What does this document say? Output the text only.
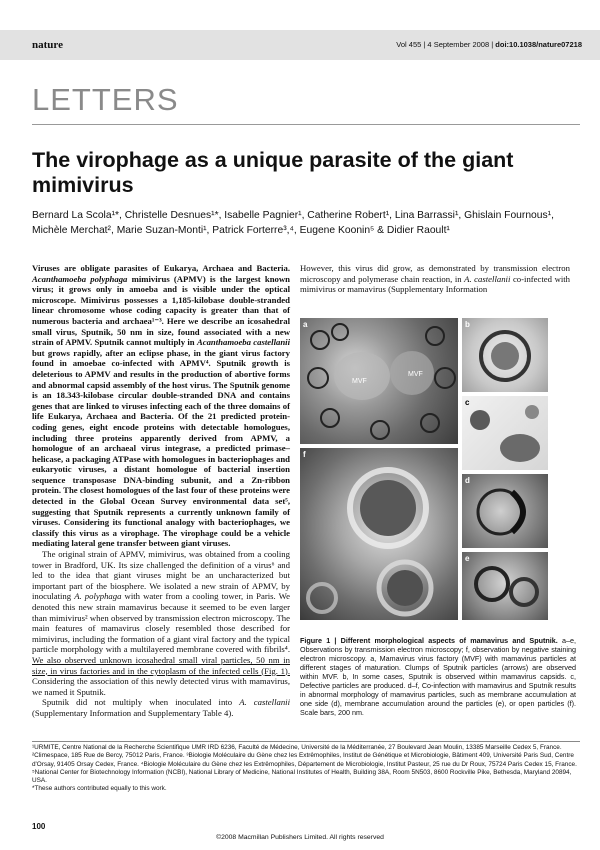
nature	Vol 455 | 4 September 2008 | doi:10.1038/nature07218
LETTERS
The virophage as a unique parasite of the giant mimivirus
Bernard La Scola¹*, Christelle Desnues¹*, Isabelle Pagnier¹, Catherine Robert¹, Lina Barrassi¹, Ghislain Fournous¹, Michèle Merchat², Marie Suzan-Monti¹, Patrick Forterre³,⁴, Eugene Koonin⁵ & Didier Raoult¹
Viruses are obligate parasites of Eukarya, Archaea and Bacteria. Acanthamoeba polyphaga mimivirus (APMV) is the largest known virus; it grows only in amoeba and is visible under the optical microscope. Mimivirus possesses a 1,185-kilobase double-stranded linear chromosome whose coding capacity is greater than that of numerous bacteria and archaea¹⁻³. Here we describe an icosahedral small virus, Sputnik, 50 nm in size, found associated with a new strain of APMV. Sputnik cannot multiply in Acanthamoeba castellanii but grows rapidly, after an eclipse phase, in the giant virus factory found in amoebae co-infected with APMV⁴. Sputnik growth is deleterious to APMV and results in the production of abortive forms and abnormal capsid assembly of the host virus. The Sputnik genome is an 18.343-kilobase circular double-stranded DNA and contains genes that are linked to viruses infecting each of the three domains of life Eukarya, Archaea and Bacteria. Of the 21 predicted protein-coding genes, eight encode proteins with detectable homologues, including three proteins apparently derived from APMV, a homologue of an archaeal virus integrase, a predicted primase–helicase, a packaging ATPase with homologues in bacteriophages and eukaryotic viruses, a distant homologue of bacterial insertion sequence transposase DNA-binding subunit, and a Zn-ribbon protein. The closest homologues of the last four of these proteins were detected in the Global Ocean Survey environmental data set⁵, suggesting that Sputnik represents a currently unknown family of viruses. Considering its functional analogy with bacteriophages, we classify this virus as a virophage. The virophage could be a vehicle mediating lateral gene transfer between giant viruses.
The original strain of APMV, mimivirus, was obtained from a cooling tower in Bradford, UK. Its size challenged the definition of a virus⁶ and led to the idea that giant viruses might be an uncharacterized but important part of the biosphere. We isolated a new strain of APMV, by inoculating A. polyphaga with water from a cooling tower, in Paris. We denoted this new strain mamavirus because it seemed to be even larger than mimivirus² when observed by transmission electron microscopy. The main features of mamavirus closely resembled those described for mimivirus, including the formation of a giant viral factory and the typical particle morphology with a multilayered membrane covered with fibrils⁴. We also observed unknown icosahedral small viral particles, 50 nm in size, in virus factories and in the cytoplasm of the infected cells (Fig. 1). Considering the association of this newly detected virus with mamavirus, we named it Sputnik.
Sputnik did not multiply when inoculated into A. castellanii (Supplementary Information and Supplementary Table 4).
However, this virus did grow, as demonstrated by transmission electron microscopy and polymerase chain reaction, in A. castellanii co-infected with mimivirus or mamavirus (Supplementary Information
a
MVF
MVF
b
c
f
d
e
Figure 1 | Different morphological aspects of mamavirus and Sputnik. a–e, Observations by transmission electron microscopy; f, observation by negative staining electron microscopy. a, Mamavirus virus factory (MVF) with mamavirus particles at different stages of maturation. Clumps of Sputnik particles (arrows) are observed within MVF. b, In some cases, Sputnik is observed within mamavirus capsids. c, Defective particles are produced. d–f, Co-infection with mamavirus and Sputnik results in abnormal morphology of mamavirus particles, such as membrane accumulation at one side (d), membrane accumulation around the particles (e), or open particles (f). Scale bars, 200 nm.
¹URMITE, Centre National de la Recherche Scientifique UMR IRD 6236, Faculté de Médecine, Université de la Méditerranée, 27 Boulevard Jean Moulin, 13385 Marseille Cedex 5, France. ²Climespace, 185 Rue de Bercy, 75012 Paris, France. ³Biologie Moléculaire du Gène chez les Extrêmophiles, Institut de Génétique et Microbiologie, Bâtiment 409, Université Paris Sud, Centre d'Orsay, 91405 Orsay Cedex, France. ⁴Biologie Moléculaire du Gène chez les Extrêmophiles, Département de Microbiologie, Institut Pasteur, 25 rue du Dr Roux, 75724 Paris Cedex 15, France. ⁵National Center for Biotechnology Information (NCBI), National Library of Medicine, National Institutes of Health, Building 38A, Room 5N503, 8600 Rockville Pike, Bethesda, Maryland 20894, USA.
*These authors contributed equally to this work.
100
©2008 Macmillan Publishers Limited. All rights reserved
